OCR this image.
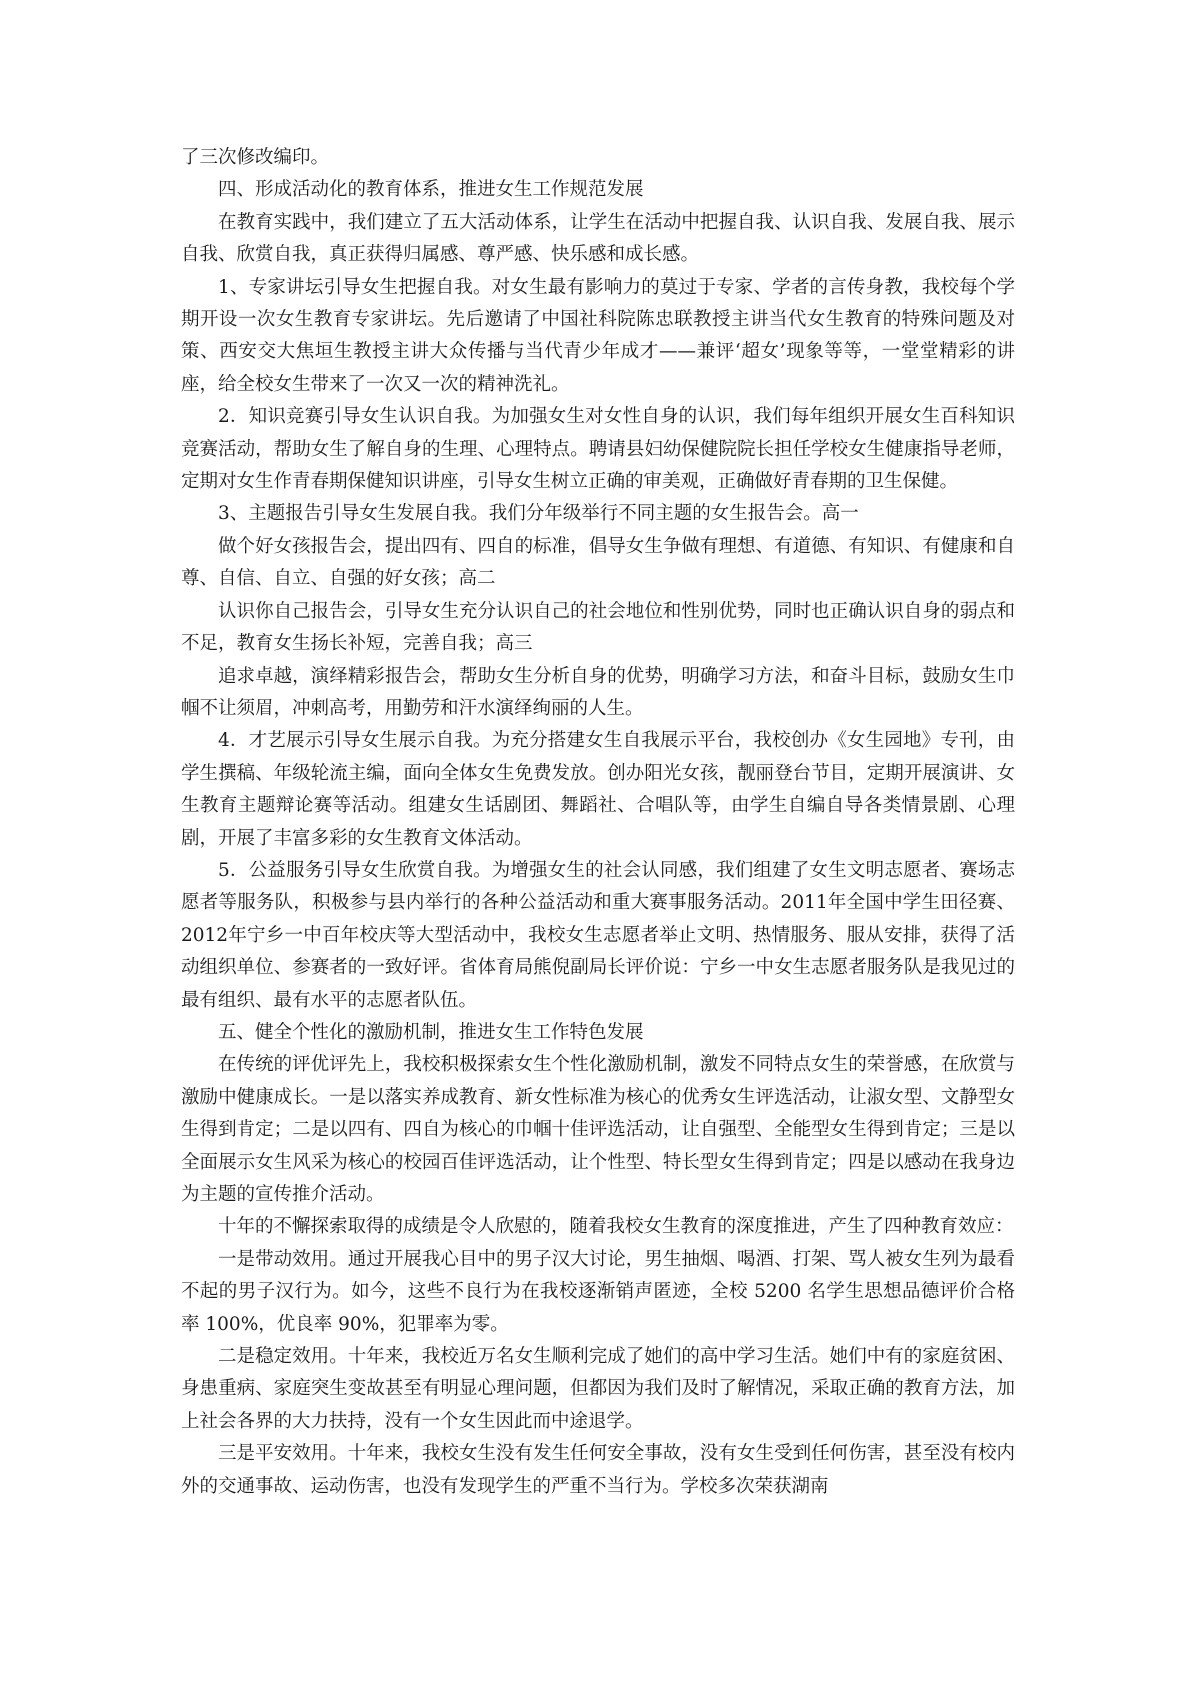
了三次修改编印。

四、形成活动化的教育体系，推进女生工作规范发展

在教育实践中，我们建立了五大活动体系，让学生在活动中把握自我、认识自我、发展自我、展示自我、欣赏自我，真正获得归属感、尊严感、快乐感和成长感。

1、专家讲坛引导女生把握自我。对女生最有影响力的莫过于专家、学者的言传身教，我校每个学期开设一次女生教育专家讲坛。先后邀请了中国社科院陈忠联教授主讲当代女生教育的特殊问题及对策、西安交大焦垣生教授主讲大众传播与当代青少年成才——兼评‘超女’现象等等，一堂堂精彩的讲座，给全校女生带来了一次又一次的精神洗礼。

2．知识竞赛引导女生认识自我。为加强女生对女性自身的认识，我们每年组织开展女生百科知识竞赛活动，帮助女生了解自身的生理、心理特点。聘请县妇幼保健院院长担任学校女生健康指导老师，定期对女生作青春期保健知识讲座，引导女生树立正确的审美观，正确做好青春期的卫生保健。

3、主题报告引导女生发展自我。我们分年级举行不同主题的女生报告会。高一

做个好女孩报告会，提出四有、四自的标准，倡导女生争做有理想、有道德、有知识、有健康和自尊、自信、自立、自强的好女孩；高二

认识你自己报告会，引导女生充分认识自己的社会地位和性别优势，同时也正确认识自身的弱点和不足，教育女生扬长补短，完善自我；高三

追求卓越，演绎精彩报告会，帮助女生分析自身的优势，明确学习方法，和奋斗目标，鼓励女生巾帼不让须眉，冲刺高考，用勤劳和汗水演绎绚丽的人生。

4．才艺展示引导女生展示自我。为充分搭建女生自我展示平台，我校创办《女生园地》专刊，由学生撰稿、年级轮流主编，面向全体女生免费发放。创办阳光女孩，靓丽登台节目，定期开展演讲、女生教育主题辩论赛等活动。组建女生话剧团、舞蹈社、合唱队等，由学生自编自导各类情景剧、心理剧，开展了丰富多彩的女生教育文体活动。

5．公益服务引导女生欣赏自我。为增强女生的社会认同感，我们组建了女生文明志愿者、赛场志愿者等服务队，积极参与县内举行的各种公益活动和重大赛事服务活动。2011年全国中学生田径赛、2012年宁乡一中百年校庆等大型活动中，我校女生志愿者举止文明、热情服务、服从安排，获得了活动组织单位、参赛者的一致好评。省体育局熊倪副局长评价说：宁乡一中女生志愿者服务队是我见过的最有组织、最有水平的志愿者队伍。

五、健全个性化的激励机制，推进女生工作特色发展

在传统的评优评先上，我校积极探索女生个性化激励机制，激发不同特点女生的荣誉感，在欣赏与激励中健康成长。一是以落实养成教育、新女性标准为核心的优秀女生评选活动，让淑女型、文静型女生得到肯定；二是以四有、四自为核心的巾帼十佳评选活动，让自强型、全能型女生得到肯定；三是以全面展示女生风采为核心的校园百佳评选活动，让个性型、特长型女生得到肯定；四是以感动在我身边为主题的宣传推介活动。

十年的不懈探索取得的成绩是令人欣慰的，随着我校女生教育的深度推进，产生了四种教育效应：

一是带动效用。通过开展我心目中的男子汉大讨论，男生抽烟、喝酒、打架、骂人被女生列为最看不起的男子汉行为。如今，这些不良行为在我校逐渐销声匿迹，全校 5200 名学生思想品德评价合格率 100%，优良率 90%，犯罪率为零。

二是稳定效用。十年来，我校近万名女生顺利完成了她们的高中学习生活。她们中有的家庭贫困、身患重病、家庭突生变故甚至有明显心理问题，但都因为我们及时了解情况，采取正确的教育方法，加上社会各界的大力扶持，没有一个女生因此而中途退学。

三是平安效用。十年来，我校女生没有发生任何安全事故，没有女生受到任何伤害，甚至没有校内外的交通事故、运动伤害，也没有发现学生的严重不当行为。学校多次荣获湖南
